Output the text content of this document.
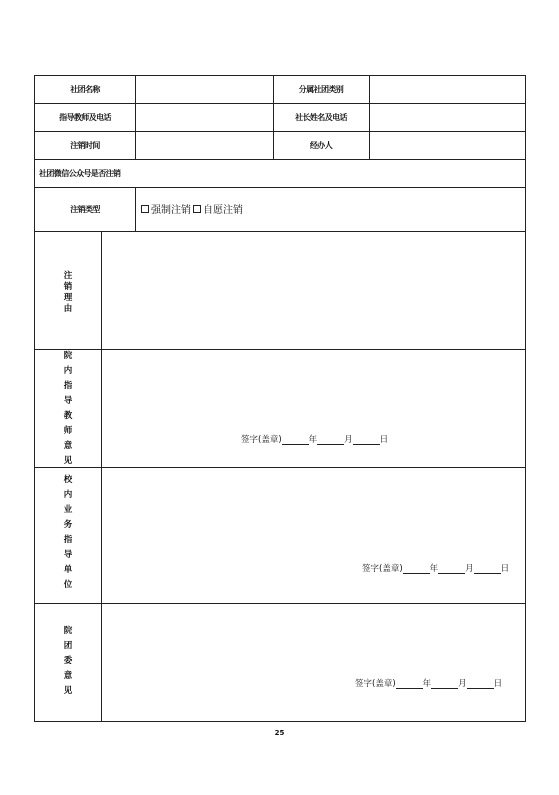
社团名称	分属社团类别
指导教师及电话	社长姓名及电话
注销时间	经办人
社团微信公众号是否注销
注销类型	强制注销 自愿注销
注
销
理
由
院
内
指
导
教
师
意
见
签字(盖章)	年	月	日
校
内
业
务
指
导
单
位
签字(盖章)	年	月	日
院
团
委
意
见
签字(盖章)	年	月	日
25
